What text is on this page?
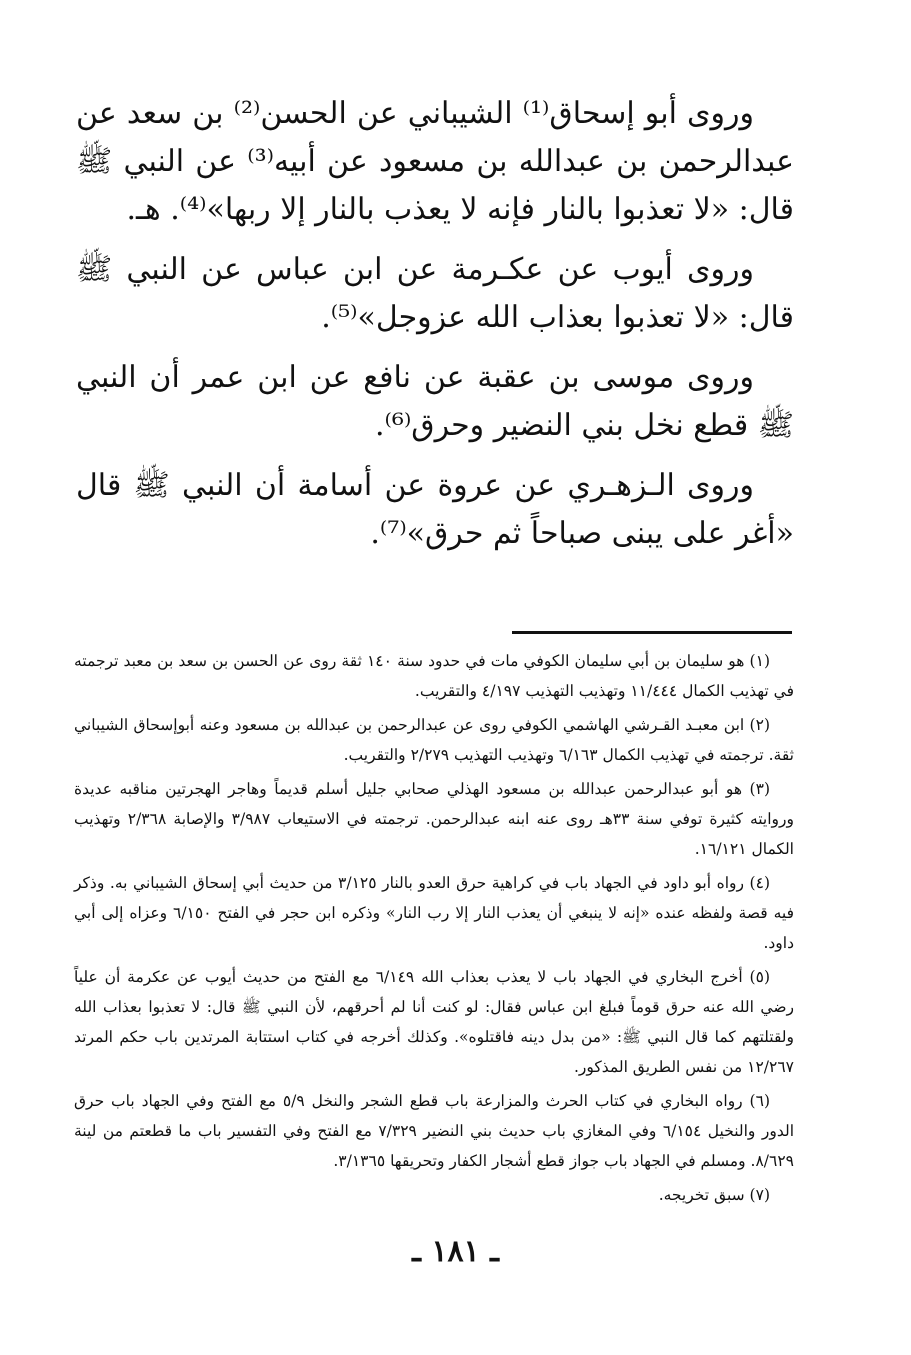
وروى أبو إسحاق⁽¹⁾ الشيباني عن الحسن⁽²⁾ بن سعد عن عبدالرحمن بن عبدالله بن مسعود عن أبيه⁽³⁾ عن النبي ﷺ قال: «لا تعذبوا بالنار فإنه لا يعذب بالنار إلا ربها»⁽⁴⁾. هـ.

وروى أيوب عن عكـرمة عن ابن عباس عن النبي ﷺ قال: «لا تعذبوا بعذاب الله عزوجل»⁽⁵⁾.

وروى موسى بن عقبة عن نافع عن ابن عمر أن النبي ﷺ قطع نخل بني النضير وحرق⁽⁶⁾.

وروى الـزهـري عن عروة عن أسامة أن النبي ﷺ قال «أغر على يبنى صباحاً ثم حرق»⁽⁷⁾.

(١) هو سليمان بن أبي سليمان الكوفي مات في حدود سنة ١٤٠ ثقة روى عن الحسن بن سعد بن معبد ترجمته في تهذيب الكمال ١١/٤٤٤ وتهذيب التهذيب ٤/١٩٧ والتقريب.

(٢) ابن معبـد القـرشي الهاشمي الكوفي روى عن عبدالرحمن بن عبدالله بن مسعود وعنه أبوإسحاق الشيباني ثقة. ترجمته في تهذيب الكمال ٦/١٦٣ وتهذيب التهذيب ٢/٢٧٩ والتقريب.

(٣) هو أبو عبدالرحمن عبدالله بن مسعود الهذلي صحابي جليل أسلم قديماً وهاجر الهجرتين مناقبه عديدة وروايته كثيرة توفي سنة ٣٣هـ روى عنه ابنه عبدالرحمن. ترجمته في الاستيعاب ٣/٩٨٧ والإصابة ٢/٣٦٨ وتهذيب الكمال ١٦/١٢١.

(٤) رواه أبو داود في الجهاد باب في كراهية حرق العدو بالنار ٣/١٢٥ من حديث أبي إسحاق الشيباني به. وذكر فيه قصة ولفظه عنده «إنه لا ينبغي أن يعذب النار إلا رب النار» وذكره ابن حجر في الفتح ٦/١٥٠ وعزاه إلى أبي داود.

(٥) أخرج البخاري في الجهاد باب لا يعذب بعذاب الله ٦/١٤٩ مع الفتح من حديث أيوب عن عكرمة أن علياً رضي الله عنه حرق قوماً فبلغ ابن عباس فقال: لو كنت أنا لم أحرقهم، لأن النبي ﷺ قال: لا تعذبوا بعذاب الله ولقتلتهم كما قال النبي ﷺ: «من بدل دينه فاقتلوه». وكذلك أخرجه في كتاب استتابة المرتدين باب حكم المرتد ١٢/٢٦٧ من نفس الطريق المذكور.

(٦) رواه البخاري في كتاب الحرث والمزارعة باب قطع الشجر والنخل ٥/٩ مع الفتح وفي الجهاد باب حرق الدور والنخيل ٦/١٥٤ وفي المغازي باب حديث بني النضير ٧/٣٢٩ مع الفتح وفي التفسير باب ما قطعتم من لينة ٨/٦٢٩. ومسلم في الجهاد باب جواز قطع أشجار الكفار وتحريقها ٣/١٣٦٥.

(٧) سبق تخريجه.

ـ ١٨١ ـ
